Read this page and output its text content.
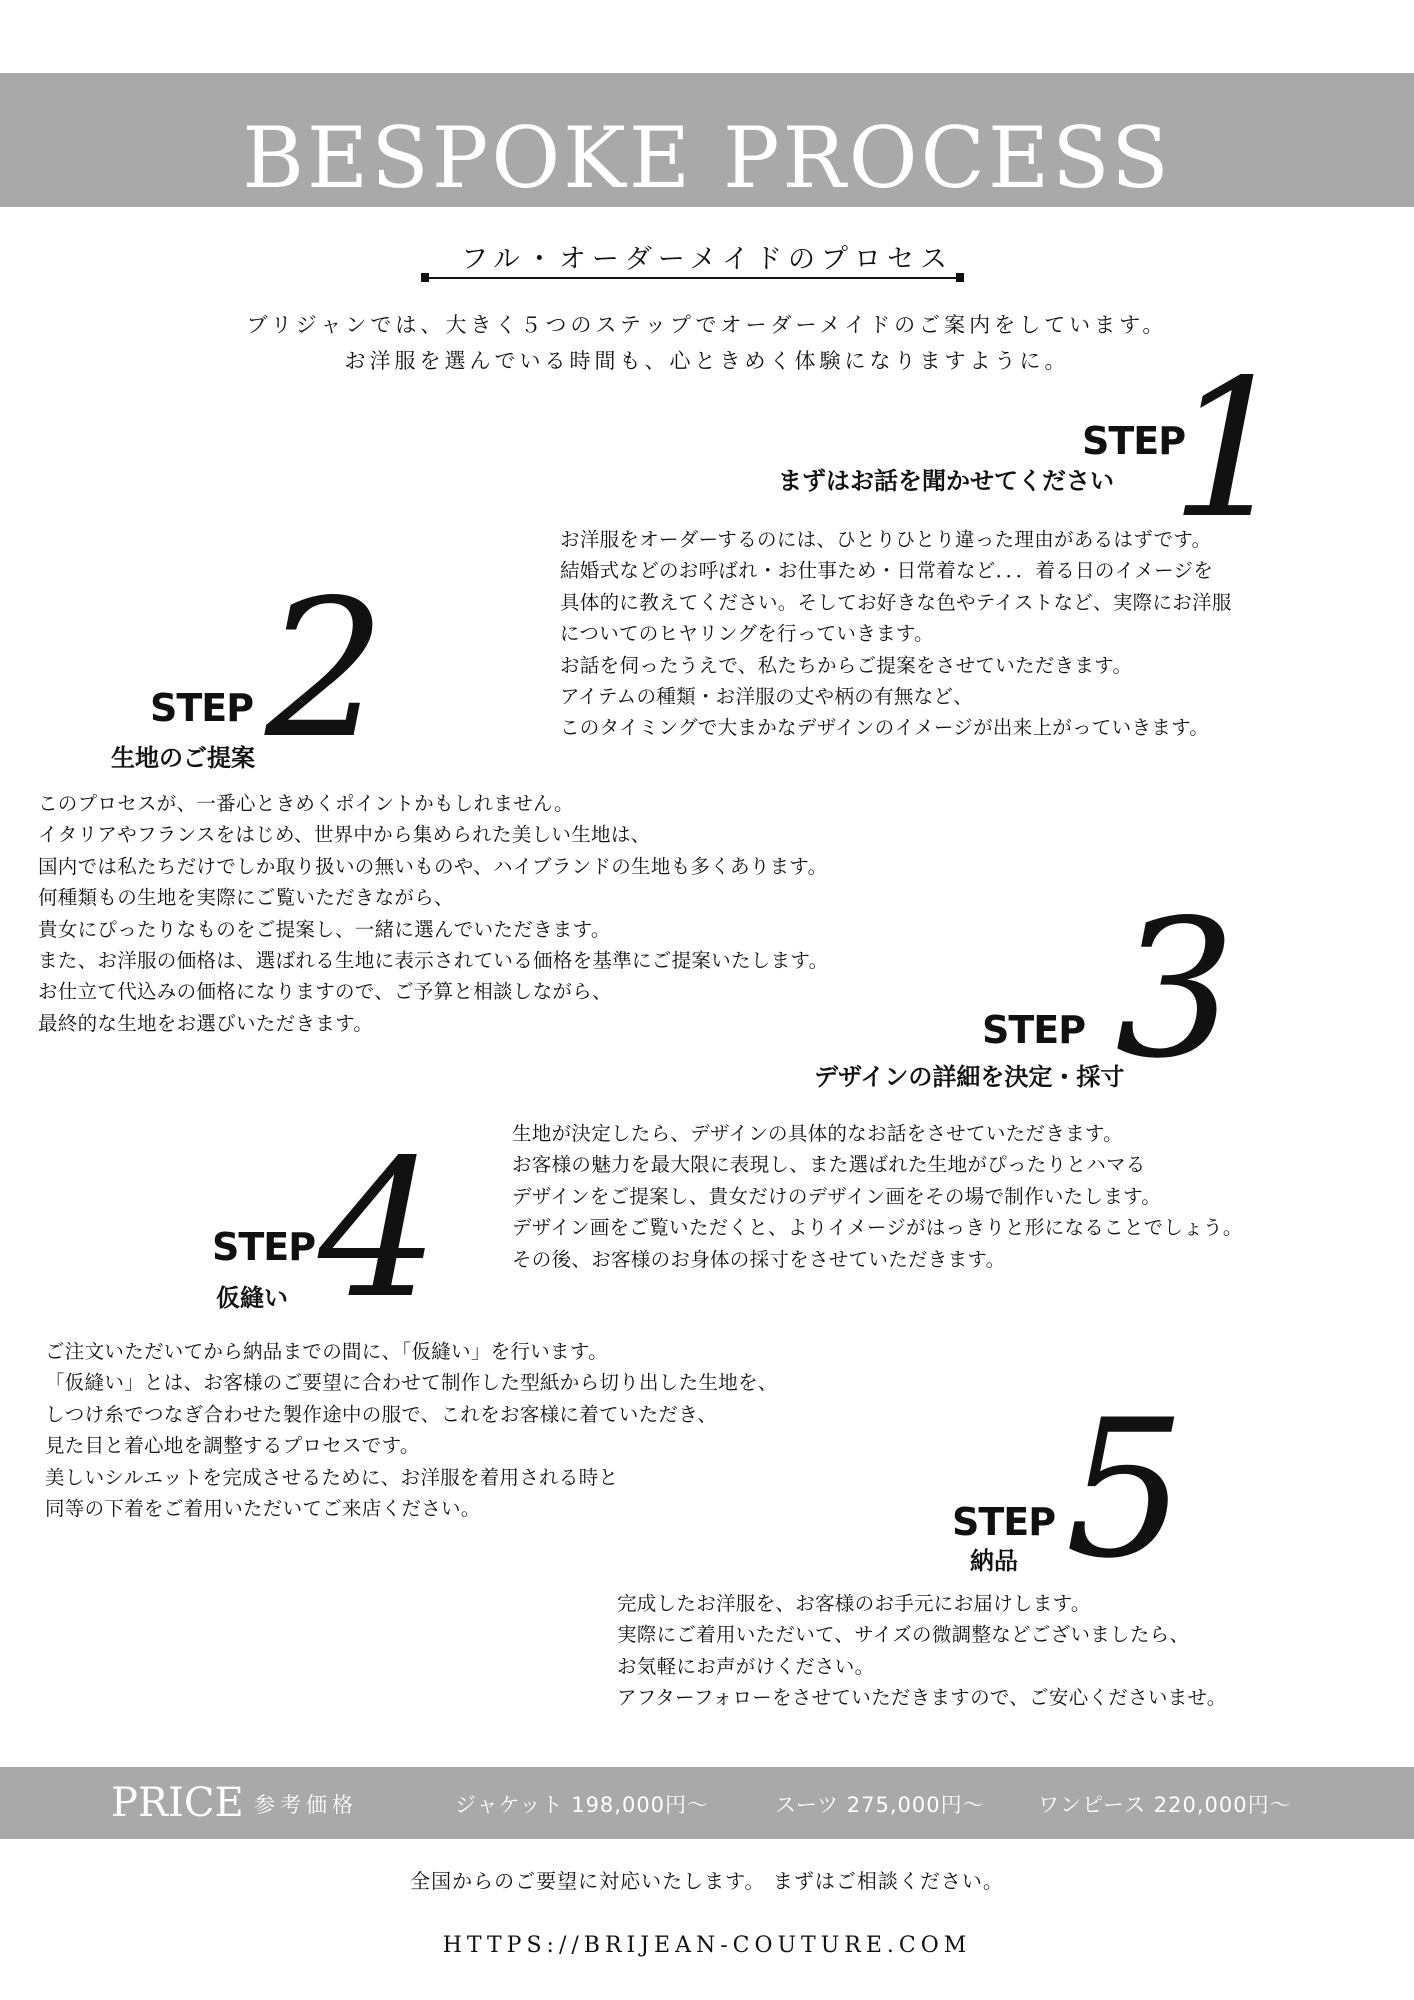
BESPOKE PROCESS
フル・オーダーメイドのプロセス
ブリジャンでは、大きく５つのステップでオーダーメイドのご案内をしています。
お洋服を選んでいる時間も、心ときめく体験になりますように。 1
STEP
まずはお話を聞かせてください
お洋服をオーダーするのには、ひとりひとり違った理由があるはずです。
結婚式などのお呼ばれ・お仕事ため・日常着など．．．着る日のイメージを
具体的に教えてください。そしてお好きな色やテイストなど、実際にお洋服
についてのヒヤリングを行っていきます。
お話を伺ったうえで、私たちからご提案をさせていただきます。
アイテムの種類・お洋服の丈や柄の有無など、
このタイミングで大まかなデザインのイメージが出来上がっていきます。
2
STEP
生地のご提案
このプロセスが、一番心ときめくポイントかもしれません。
イタリアやフランスをはじめ、世界中から集められた美しい生地は、
国内では私たちだけでしか取り扱いの無いものや、ハイブランドの生地も多くあります。
何種類もの生地を実際にご覧いただきながら、
貴女にぴったりなものをご提案し、一緒に選んでいただきます。
また、お洋服の価格は、選ばれる生地に表示されている価格を基準にご提案いたします。
お仕立て代込みの価格になりますので、ご予算と相談しながら、
最終的な生地をお選びいただきます。	3
STEP
デザインの詳細を決定・採寸
生地が決定したら、デザインの具体的なお話をさせていただきます。
お客様の魅力を最大限に表現し、また選ばれた生地がぴったりとハマる
デザインをご提案し、貴女だけのデザイン画をその場で制作いたします。
デザイン画をご覧いただくと、よりイメージがはっきりと形になることでしょう。
その後、お客様のお身体の採寸をさせていただきます。
4
STEP
仮縫い
ご注文いただいてから納品までの間に、「仮縫い」を行います。
「仮縫い」とは、お客様のご要望に合わせて制作した型紙から切り出した生地を、
しつけ糸でつなぎ合わせた製作途中の服で、これをお客様に着ていただき、
見た目と着心地を調整するプロセスです。
美しいシルエットを完成させるために、お洋服を着用される時と
同等の下着をご着用いただいてご来店ください。	5
STEP
納品
完成したお洋服を、お客様のお手元にお届けします。
実際にご着用いただいて、サイズの微調整などございましたら、
お気軽にお声がけください。
アフターフォローをさせていただきますので、ご安心くださいませ。
PRICE 参考価格	ジャケット 198,000円〜	スーツ 275,000円〜	ワンピース 220,000円〜
全国からのご要望に対応いたします。 まずはご相談ください。
HTTPS://BRIJEAN-COUTURE.COM
